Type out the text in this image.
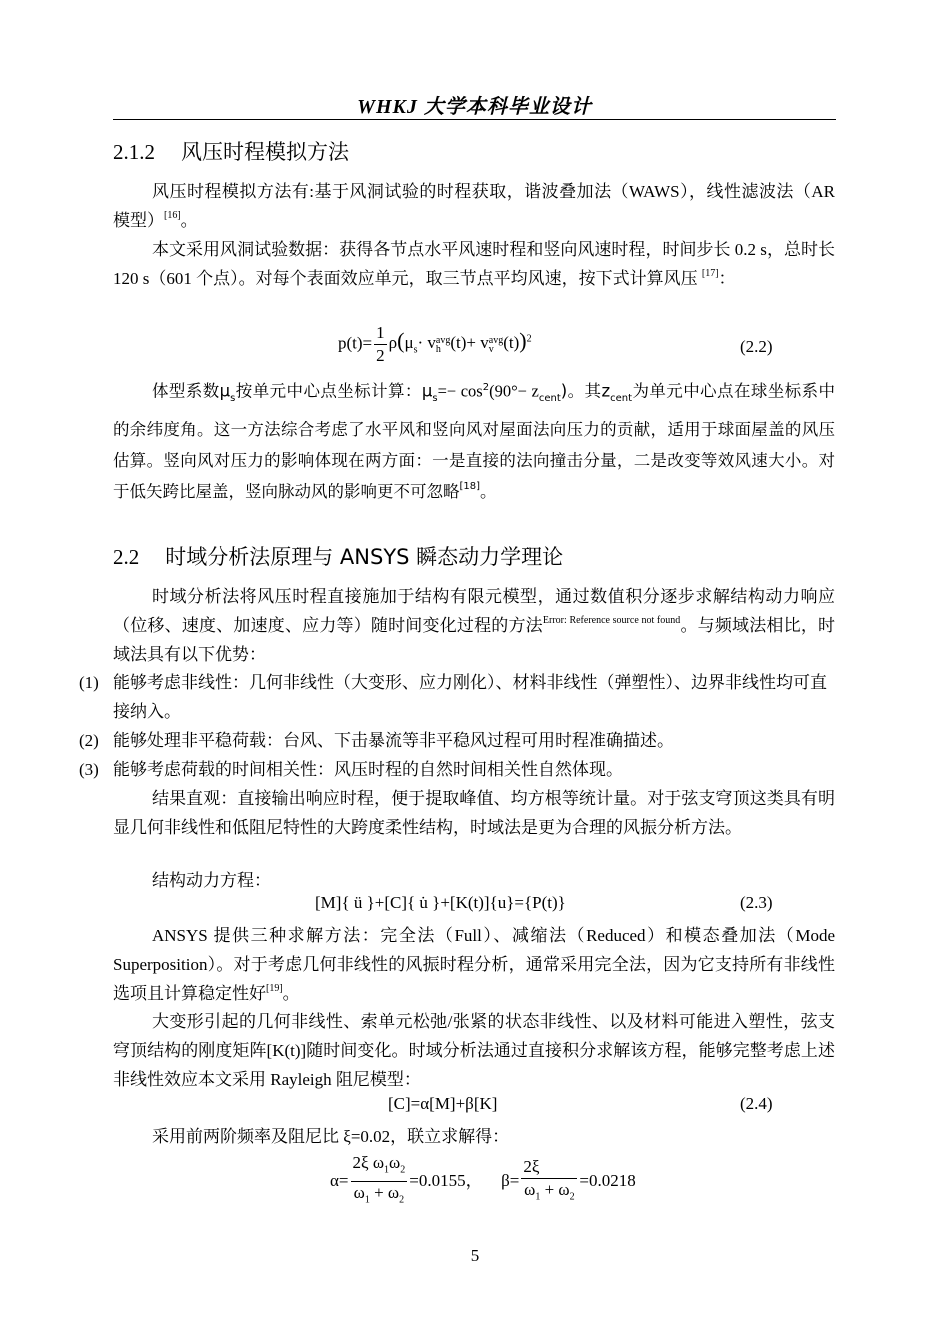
WHKJ 大学本科毕业设计
2.1.2 风压时程模拟方法
风压时程模拟方法有:基于风洞试验的时程获取，谐波叠加法（WAWS），线性滤波法（AR 模型）[16]。
本文采用风洞试验数据：获得各节点水平风速时程和竖向风速时程，时间步长 0.2 s，总时长 120 s（601 个点）。对每个表面效应单元，取三节点平均风速，按下式计算风压 [17]：
$p(t)= \frac{1}{2} \rho(\mu_s\cdot v$ avg
h (t)+ v avg
v (t))$^2$	(2.2)
体型系数$\mu_s$按单元中心点坐标计算：$\mu_s=- \cos^2(90^\circ- z_{cent})$。其$z_{cent}$为单元中心点在球坐标系中的余纬度角。这一方法综合考虑了水平风和竖向风对屋面法向压力的贡献，适用于球面屋盖的风压估算。竖向风对压力的影响体现在两方面：一是直接的法向撞击分量，二是改变等效风速大小。对于低矢跨比屋盖，竖向脉动风的影响更不可忽略[18]。
2.2 时域分析法原理与 ANSYS 瞬态动力学理论
时域分析法将风压时程直接施加于结构有限元模型，通过数值积分逐步求解结构动力响应（位移、速度、加速度、应力等）随时间变化过程的方法$^{Error: Reference source not found}$。与频域法相比，时域法具有以下优势：
(1) 能够考虑非线性：几何非线性（大变形、应力刚化）、材料非线性（弹塑性）、边界非线性均可直接纳入。
(2) 能够处理非平稳荷载：台风、下击暴流等非平稳风过程可用时程准确描述。
(3) 能够考虑荷载的时间相关性：风压时程的自然时间相关性自然体现。
结果直观：直接输出响应时程，便于提取峰值、均方根等统计量。对于弦支穹顶这类具有明显几何非线性和低阻尼特性的大跨度柔性结构，时域法是更为合理的风振分析方法。
结构动力方程：
[M]{ ü }+[C]{ u̇ }+[K(t)]{u}={P(t)}	(2.3)
ANSYS 提供三种求解方法：完全法（Full）、减缩法（Reduced）和模态叠加法（Mode Superposition）。对于考虑几何非线性的风振时程分析，通常采用完全法，因为它支持所有非线性选项且计算稳定性好[19]。
大变形引起的几何非线性、索单元松弛/张紧的状态非线性、以及材料可能进入塑性，弦支穹顶结构的刚度矩阵[K(t)]随时间变化。时域分析法通过直接积分求解该方程，能够完整考虑上述非线性效应本文采用 Rayleigh 阻尼模型：
[C]=α[M]+β[K]	(2.4)
采用前两阶频率及阻尼比 ξ=0.02，联立求解得：
$\alpha= \frac{2\xi \omega_1\omega_2}{\omega_1 + \omega_2} =0.0155$， $\beta= \frac{2\xi}{\omega_1 + \omega_2} =0.0218$
5
